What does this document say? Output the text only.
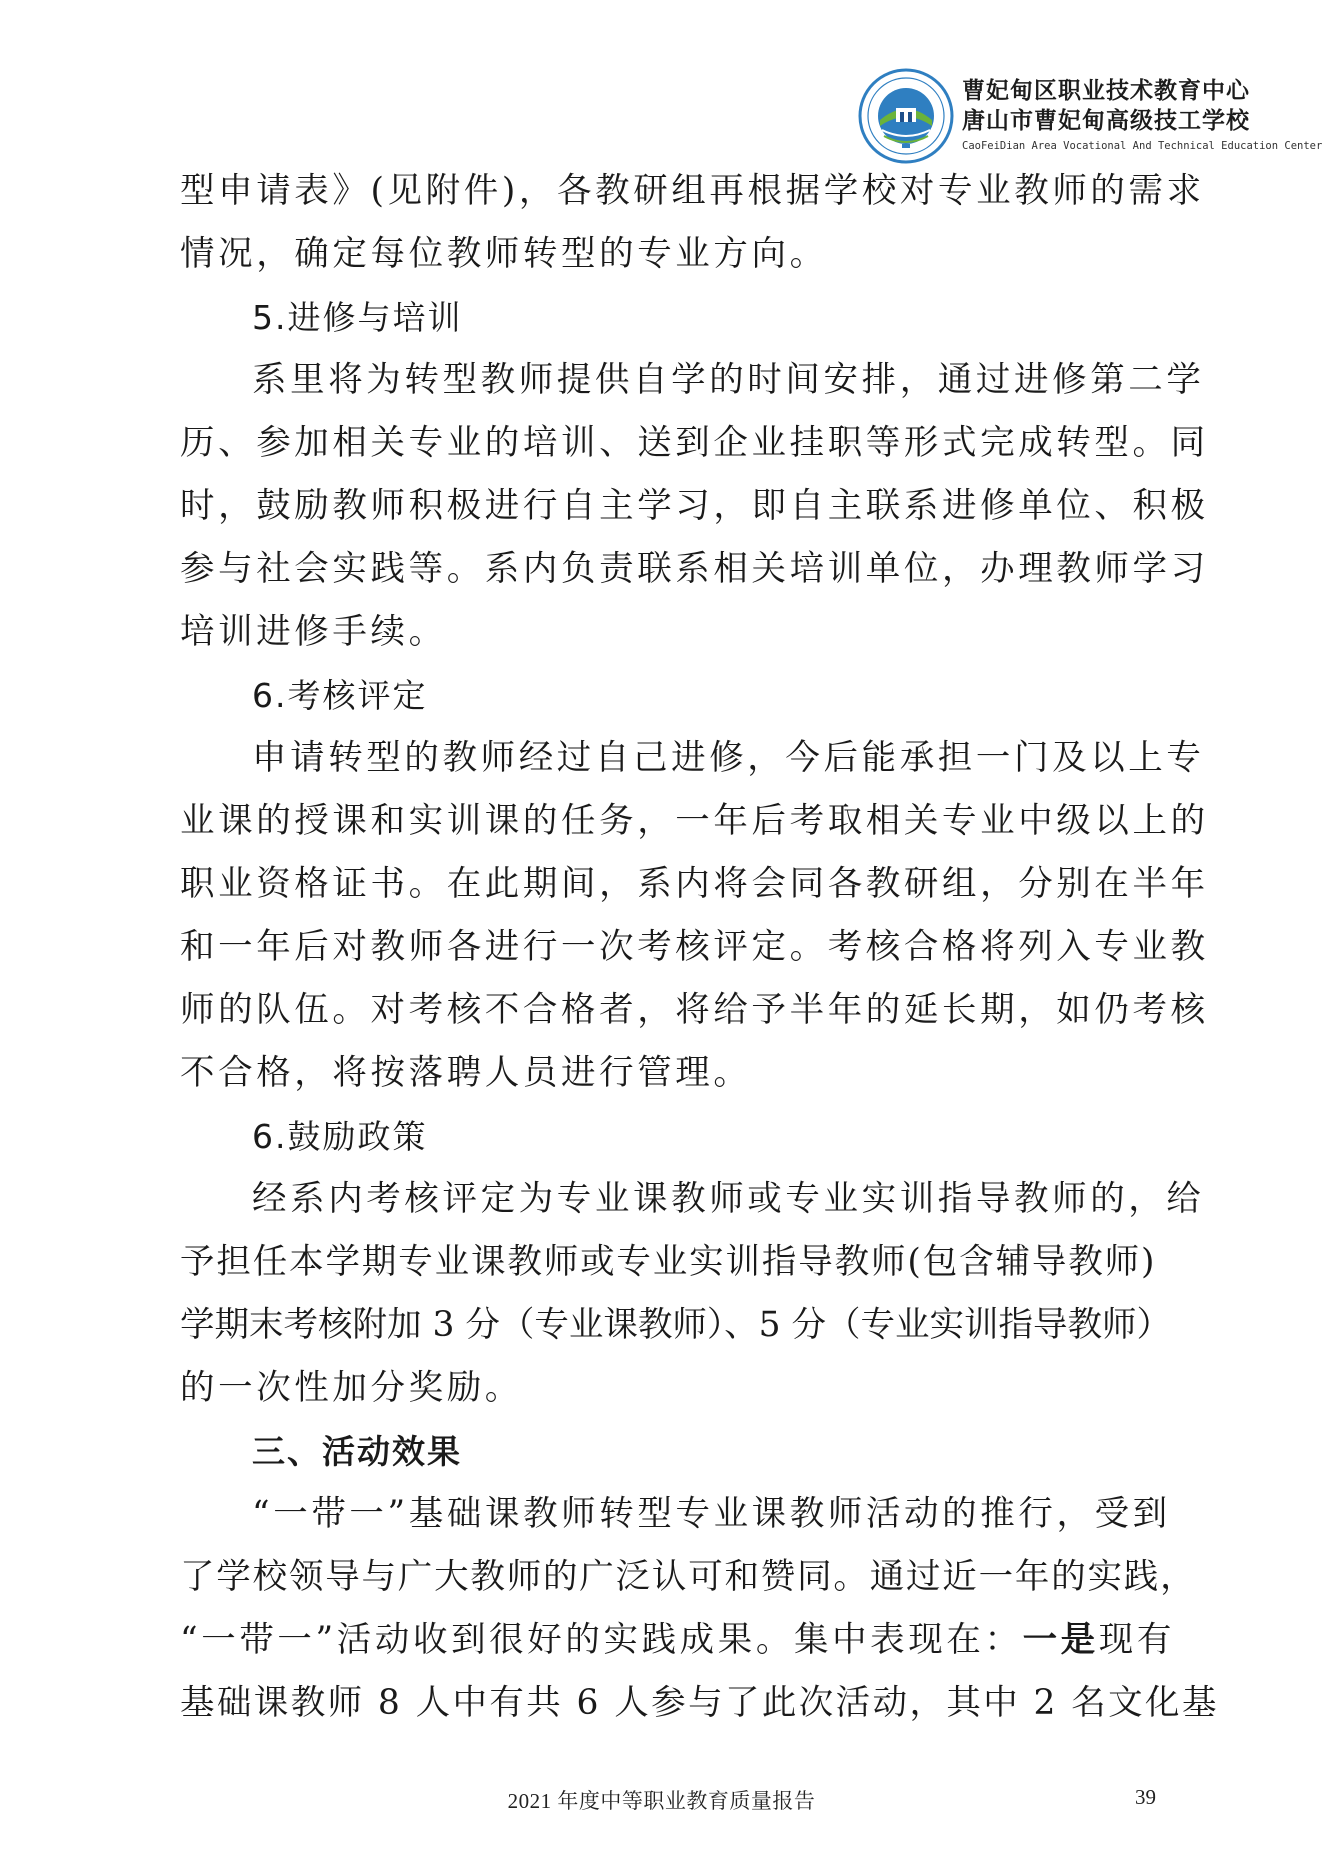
曹妃甸区职业技术教育中心
唐山市曹妃甸高级技工学校
CaoFeiDian Area Vocational And Technical Education Center
型申请表》(见附件)，各教研组再根据学校对专业教师的需求
情况，确定每位教师转型的专业方向。
5.进修与培训
系里将为转型教师提供自学的时间安排，通过进修第二学
历、参加相关专业的培训、送到企业挂职等形式完成转型。同
时，鼓励教师积极进行自主学习，即自主联系进修单位、积极
参与社会实践等。系内负责联系相关培训单位，办理教师学习
培训进修手续。
6.考核评定
申请转型的教师经过自己进修，今后能承担一门及以上专
业课的授课和实训课的任务，一年后考取相关专业中级以上的
职业资格证书。在此期间，系内将会同各教研组，分别在半年
和一年后对教师各进行一次考核评定。考核合格将列入专业教
师的队伍。对考核不合格者，将给予半年的延长期，如仍考核
不合格，将按落聘人员进行管理。
6.鼓励政策
经系内考核评定为专业课教师或专业实训指导教师的，给
予担任本学期专业课教师或专业实训指导教师(包含辅导教师)
学期末考核附加 3 分（专业课教师）、5 分（专业实训指导教师）
的一次性加分奖励。
三、活动效果
“一带一”基础课教师转型专业课教师活动的推行，受到
了学校领导与广大教师的广泛认可和赞同。通过近一年的实践，
“一带一”活动收到很好的实践成果。集中表现在：一是现有
基础课教师 8 人中有共 6 人参与了此次活动，其中 2 名文化基
2021 年度中等职业教育质量报告	39
